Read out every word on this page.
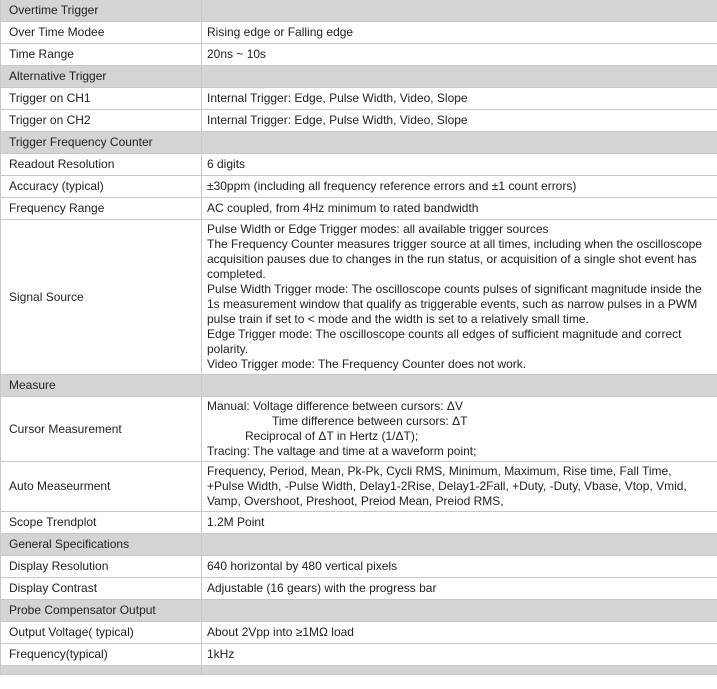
Overtime Trigger	
Over Time Modee	Rising edge or Falling edge
Time Range	20ns ~ 10s
Alternative Trigger	
Trigger on CH1	Internal Trigger: Edge, Pulse Width, Video, Slope
Trigger on CH2	Internal Trigger: Edge, Pulse Width, Video, Slope
Trigger Frequency Counter	
Readout Resolution	6 digits
Accuracy (typical)	±30ppm (including all frequency reference errors and ±1 count errors)
Frequency Range	AC coupled, from 4Hz minimum to rated bandwidth
Signal Source	Pulse Width or Edge Trigger modes: all available trigger sources
The Frequency Counter measures trigger source at all times, including when the oscilloscope acquisition pauses due to changes in the run status, or acquisition of a single shot event has completed.
Pulse Width Trigger mode: The oscilloscope counts pulses of significant magnitude inside the 1s measurement window that qualify as triggerable events, such as narrow pulses in a PWM pulse train if set to < mode and the width is set to a relatively small time.
Edge Trigger mode: The oscilloscope counts all edges of sufficient magnitude and correct polarity.
Video Trigger mode: The Frequency Counter does not work.

Measure	
Cursor Measurement	Manual: Voltage difference between cursors: ΔV
Time difference between cursors: ΔT
Reciprocal of ΔT in Hertz (1/ΔT);
Tracing: The valtage and time at a waveform point;

Auto Measeurment	Frequency, Period, Mean, Pk-Pk, Cycli RMS, Minimum, Maximum, Rise time, Fall Time,
+Pulse Width, -Pulse Width, Delay1-2Rise, Delay1-2Fall, +Duty, -Duty, Vbase, Vtop, Vmid,
Vamp, Overshoot, Preshoot, Preiod Mean, Preiod RMS,

Scope Trendplot	1.2M Point
General Specifications	
Display Resolution	640 horizontal by 480 vertical pixels
Display Contrast	Adjustable (16 gears) with the progress bar
Probe Compensator Output	
Output Voltage( typical)	About 2Vpp into ≥1MΩ load
Frequency(typical)	1kHz
